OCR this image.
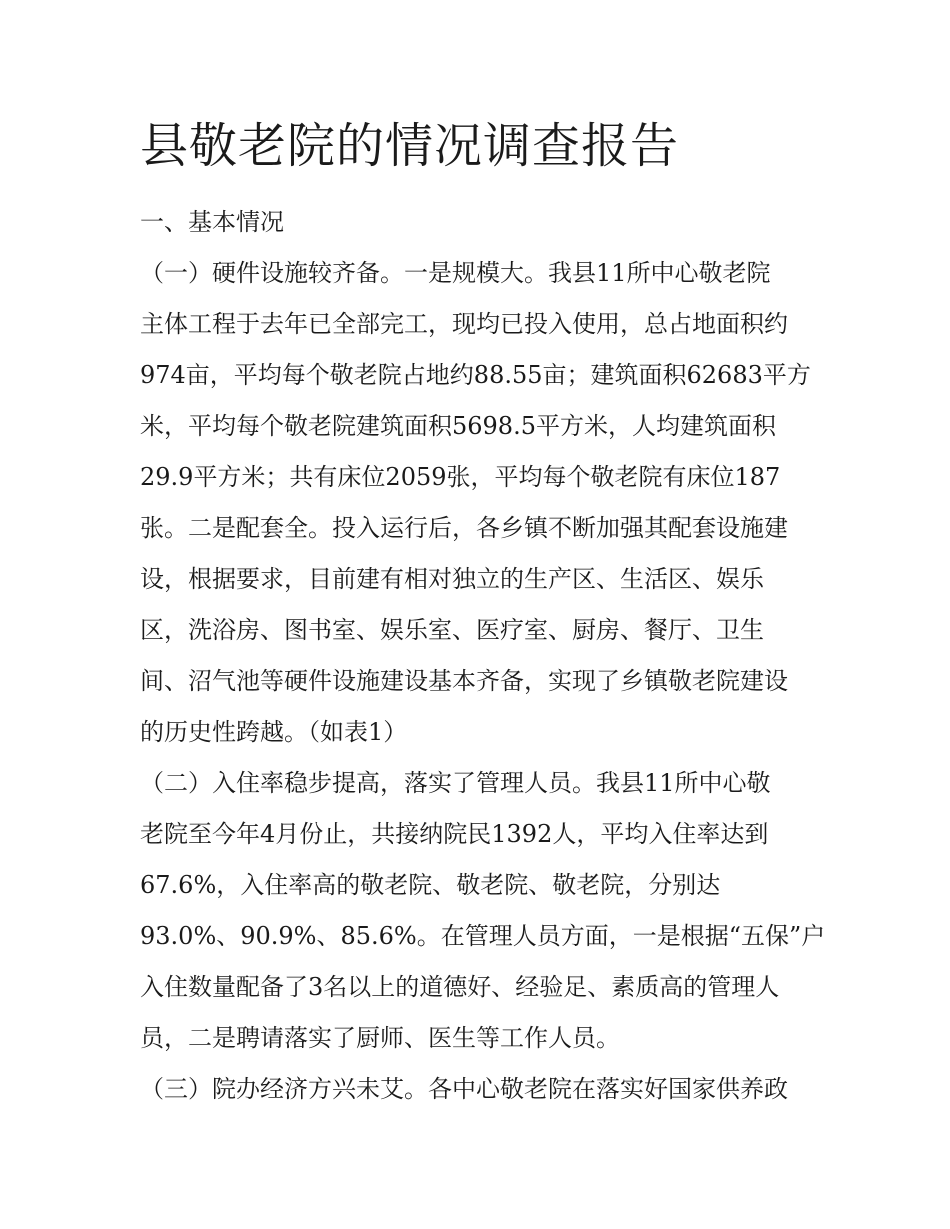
县敬老院的情况调查报告
一、基本情况
（一）硬件设施较齐备。一是规模大。我县11所中心敬老院
主体工程于去年已全部完工，现均已投入使用，总占地面积约
974亩，平均每个敬老院占地约88.55亩；建筑面积62683平方
米，平均每个敬老院建筑面积5698.5平方米，人均建筑面积
29.9平方米；共有床位2059张，平均每个敬老院有床位187
张。二是配套全。投入运行后，各乡镇不断加强其配套设施建
设，根据要求，目前建有相对独立的生产区、生活区、娱乐
区，洗浴房、图书室、娱乐室、医疗室、厨房、餐厅、卫生
间、沼气池等硬件设施建设基本齐备，实现了乡镇敬老院建设
的历史性跨越。（如表1）
（二）入住率稳步提高，落实了管理人员。我县11所中心敬
老院至今年4月份止，共接纳院民1392人，平均入住率达到
67.6%，入住率高的敬老院、敬老院、敬老院，分别达
93.0%、90.9%、85.6%。在管理人员方面，一是根据“五保”户
入住数量配备了3名以上的道德好、经验足、素质高的管理人
员，二是聘请落实了厨师、医生等工作人员。
（三）院办经济方兴未艾。各中心敬老院在落实好国家供养政
